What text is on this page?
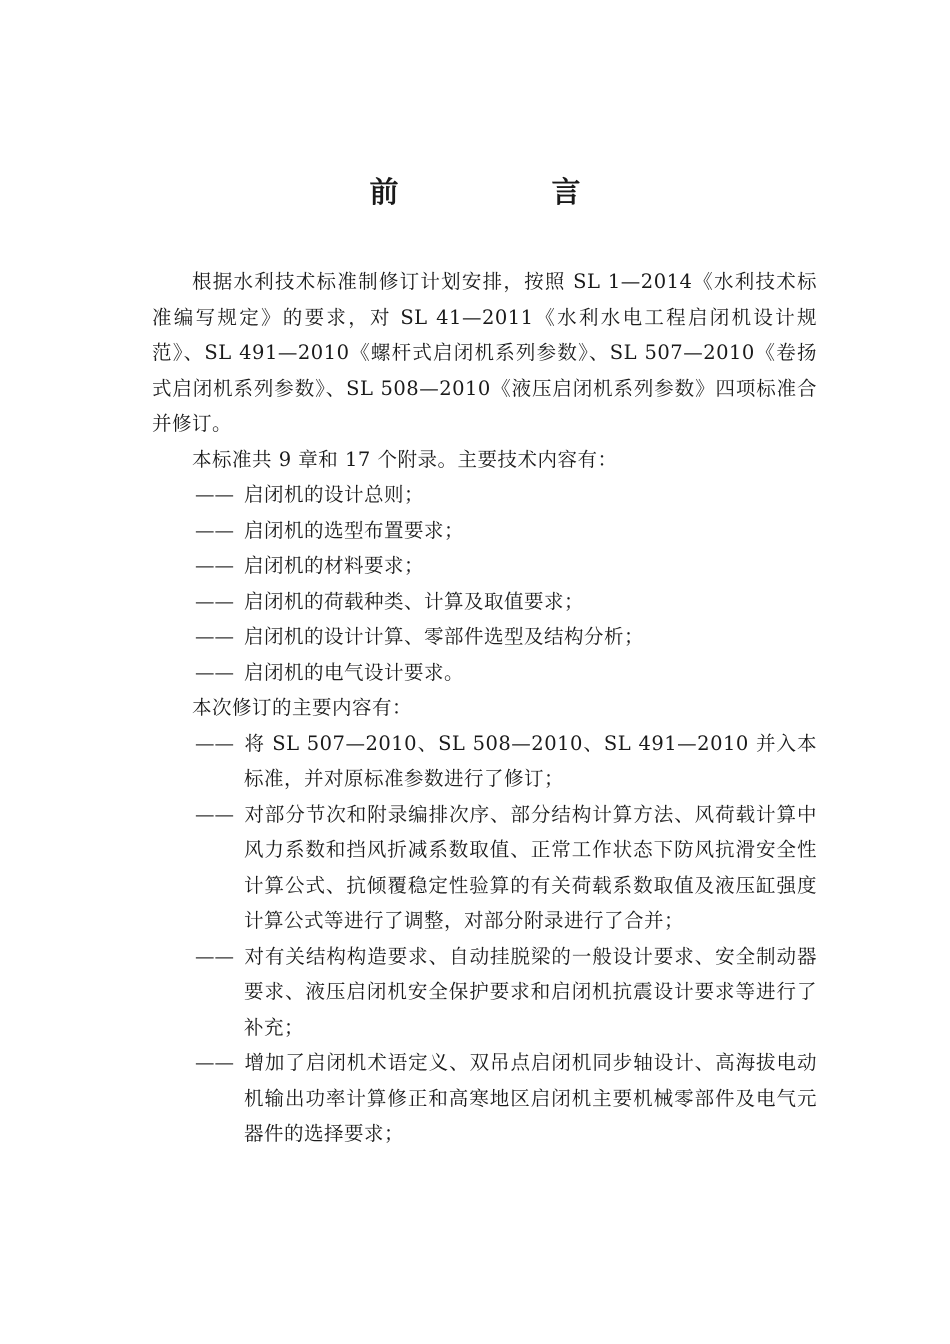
前　言

根据水利技术标准制修订计划安排，按照 SL 1—2014《水利技术标准编写规定》的要求，对 SL 41—2011《水利水电工程启闭机设计规范》、SL 491—2010《螺杆式启闭机系列参数》、SL 507—2010《卷扬式启闭机系列参数》、SL 508—2010《液压启闭机系列参数》四项标准合并修订。

本标准共 9 章和 17 个附录。主要技术内容有：

—— 启闭机的设计总则；

—— 启闭机的选型布置要求；

—— 启闭机的材料要求；

—— 启闭机的荷载种类、计算及取值要求；

—— 启闭机的设计计算、零部件选型及结构分析；

—— 启闭机的电气设计要求。

本次修订的主要内容有：

—— 将 SL 507—2010、SL 508—2010、SL 491—2010 并入本标准，并对原标准参数进行了修订；

—— 对部分节次和附录编排次序、部分结构计算方法、风荷载计算中风力系数和挡风折减系数取值、正常工作状态下防风抗滑安全性计算公式、抗倾覆稳定性验算的有关荷载系数取值及液压缸强度计算公式等进行了调整，对部分附录进行了合并；

—— 对有关结构构造要求、自动挂脱梁的一般设计要求、安全制动器要求、液压启闭机安全保护要求和启闭机抗震设计要求等进行了补充；

—— 增加了启闭机术语定义、双吊点启闭机同步轴设计、高海拔电动机输出功率计算修正和高寒地区启闭机主要机械零部件及电气元器件的选择要求；
